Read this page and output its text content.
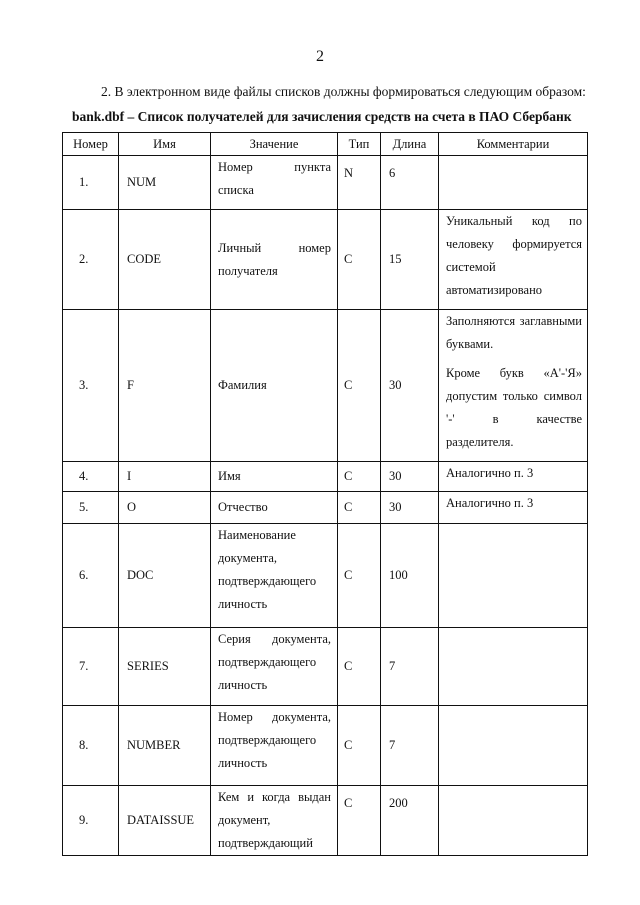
2
2. В электронном виде файлы списков должны формироваться следующим образом:
bank.dbf – Список получателей для зачисления средств на счета в ПАО Сбербанк
Номер	Имя	Значение	Тип	Длина	Комментарии
1.	NUM	Номер пункта списка	N	6	
2.	CODE	Личный номер получателя	C	15	Уникальный код по человеку формируется системой автоматизировано
3.	F	Фамилия	C	30	Заполняются заглавными буквами.

Кроме букв «А'-'Я» допустим только символ '-' в качестве разделителя.

4.	I	Имя	C	30	Аналогично п. 3
5.	O	Отчество	C	30	Аналогично п. 3
6.	DOC	Наименование документа, подтверждающего личность	C	100	
7.	SERIES	Серия документа, подтверждающего личность	C	7	
8.	NUMBER	Номер документа, подтверждающего личность	C	7	
9.	DATAISSUE	Кем и когда выдан документ, подтверждающий	C	200	
